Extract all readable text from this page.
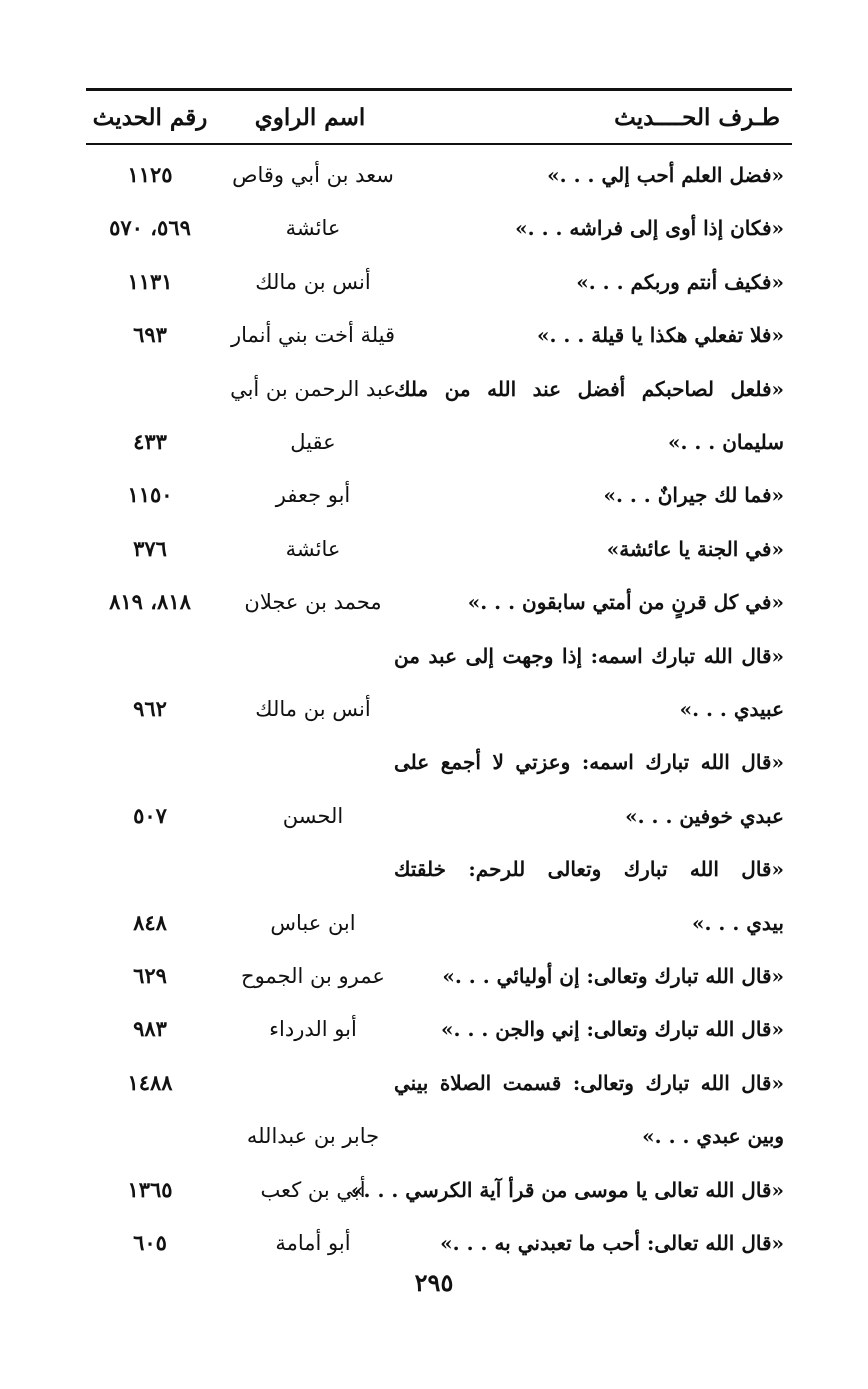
طـرف الحــــديث
اسم الراوي
رقم الحديث
«فضل العلم أحب إلي . . .»
سعد بن أبي وقاص
١١٢٥
«فكان إذا أوى إلى فراشه . . .»
عائشة
٥٦٩، ٥٧٠
«فكيف أنتم وربكم . . .»
أنس بن مالك
١١٣١
«فلا تفعلي هكذا يا قيلة . . .»
قيلة أخت بني أنمار
٦٩٣
«فلعل لصاحبكم أفضل عند الله من ملك
عبد الرحمن بن أبي
سليمان . . .»
عقيل
٤٣٣
«فما لك جيرانٌ . . .»
أبو جعفر
١١٥٠
«في الجنة يا عائشة»
عائشة
٣٧٦
«في كل قرنٍ من أمتي سابقون . . .»
محمد بن عجلان
٨١٨، ٨١٩
«قال الله تبارك اسمه: إذا وجهت إلى عبد من
عبيدي . . .»
أنس بن مالك
٩٦٢
«قال الله تبارك اسمه: وعزتي لا أجمع على
عبدي خوفين . . .»
الحسن
٥٠٧
«قال الله تبارك وتعالى للرحم: خلقتك
بيدي . . .»
ابن عباس
٨٤٨
«قال الله تبارك وتعالى: إن أوليائي . . .»
عمرو بن الجموح
٦٢٩
«قال الله تبارك وتعالى: إني والجن . . .»
أبو الدرداء
٩٨٣
«قال الله تبارك وتعالى: قسمت الصلاة بيني
١٤٨٨
وبين عبدي . . .»
جابر بن عبدالله
«قال الله تعالى يا موسى من قرأ آية الكرسي . . .»
أبي بن كعب
١٣٦٥
«قال الله تعالى: أحب ما تعبدني به . . .»
أبو أمامة
٦٠٥
٢٩٥
